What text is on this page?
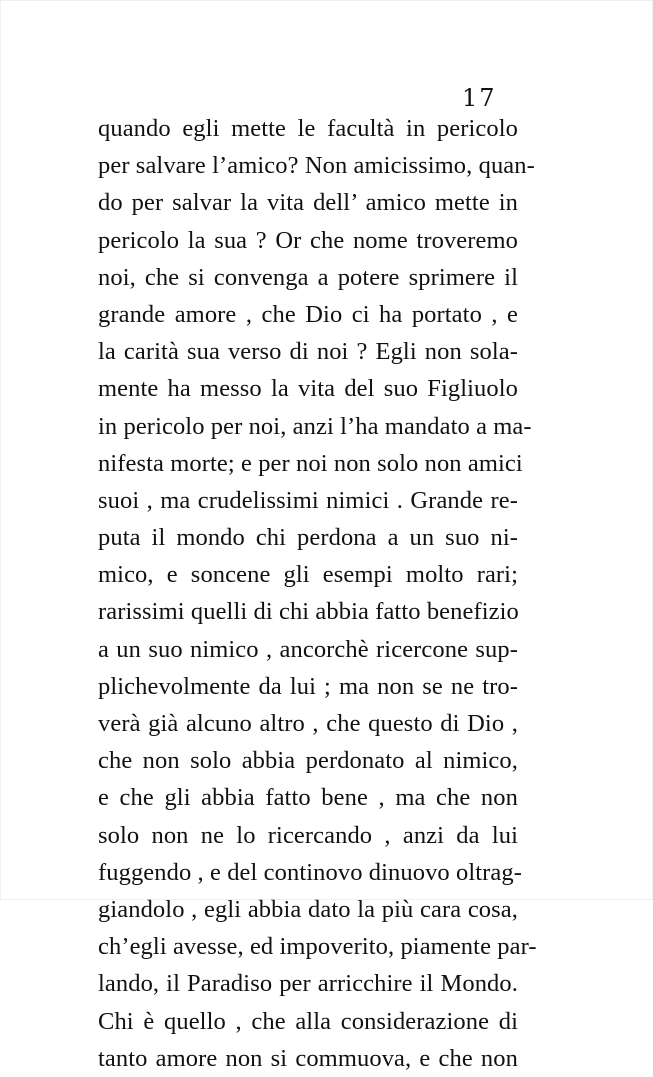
17
quando egli mette le facultà in pericolo
per salvare l’amico? Non amicissimo, quan-
do per salvar la vita dell’ amico mette in
pericolo la sua ? Or che nome troveremo
noi, che si convenga a potere sprimere il
grande amore , che Dio ci ha portato , e
la carità sua verso di noi ? Egli non sola-
mente ha messo la vita del suo Figliuolo
in pericolo per noi, anzi l’ha mandato a ma-
nifesta morte; e per noi non solo non amici
suoi , ma crudelissimi nimici . Grande re-
puta il mondo chi perdona a un suo ni-
mico, e soncene gli esempi molto rari;
rarissimi quelli di chi abbia fatto benefizio
a un suo nimico , ancorchè ricercone sup-
plichevolmente da lui ; ma non se ne tro-
verà già alcuno altro , che questo di Dio ,
che non solo abbia perdonato al nimico,
e che gli abbia fatto bene , ma che non
solo non ne lo ricercando , anzi da lui
fuggendo , e del continovo dinuovo oltrag-
giandolo , egli abbia dato la più cara cosa,
ch’egli avesse, ed impoverito, piamente par-
lando, il Paradiso per arricchire il Mondo.
Chi è quello , che alla considerazione di
tanto amore non si commuova, e che non
